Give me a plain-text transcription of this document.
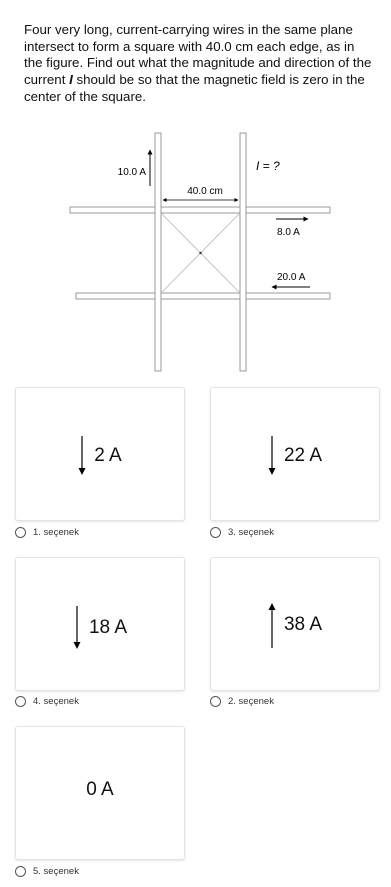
Four very long, current-carrying wires in the same plane intersect to form a square with 40.0 cm each edge, as in the figure. Find out what the magnitude and direction of the current I should be so that the magnetic field is zero in the center of the square.
10.0 A
40.0 cm
I = ?
8.0 A
20.0 A
2 A
1. seçenek
22 A
3. seçenek
18 A
4. seçenek
38 A
2. seçenek
0 A
5. seçenek
